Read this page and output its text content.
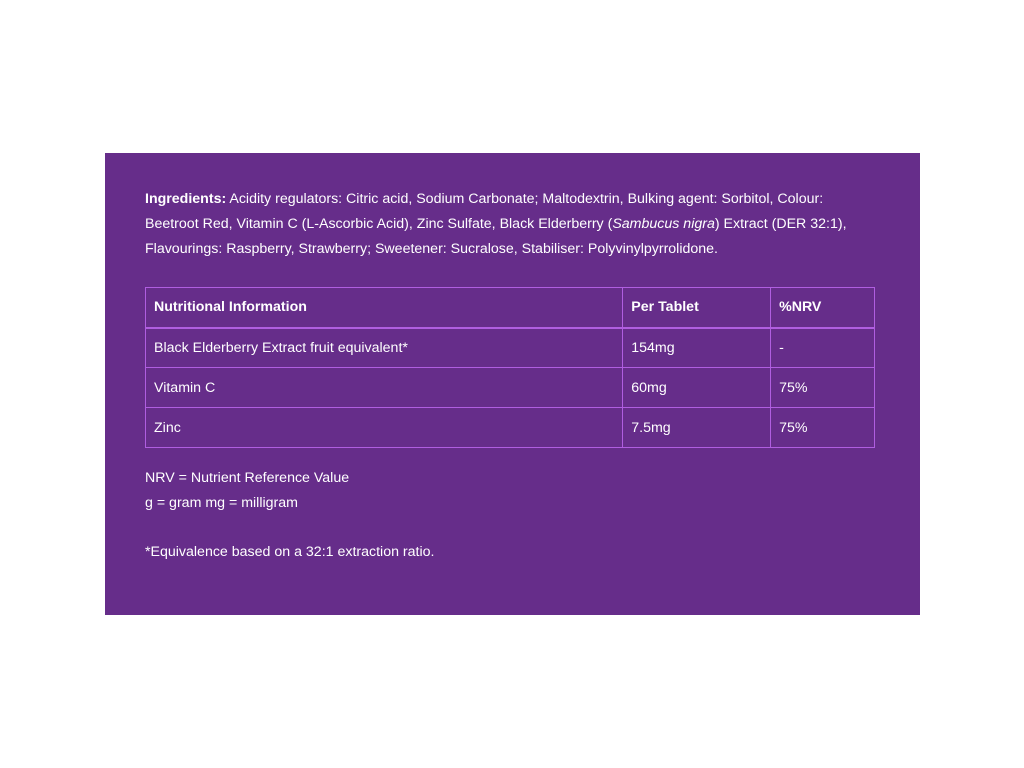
Ingredients: Acidity regulators: Citric acid, Sodium Carbonate; Maltodextrin, Bulking agent: Sorbitol, Colour: Beetroot Red, Vitamin C (L-Ascorbic Acid), Zinc Sulfate, Black Elderberry (Sambucus nigra) Extract (DER 32:1), Flavourings: Raspberry, Strawberry; Sweetener: Sucralose, Stabiliser: Polyvinylpyrrolidone.

Nutritional Information	Per Tablet	%NRV
Black Elderberry Extract fruit equivalent*	154mg	-
Vitamin C	60mg	75%
Zinc	7.5mg	75%
NRV = Nutrient Reference Value
g = gram mg = milligram

*Equivalence based on a 32:1 extraction ratio.
